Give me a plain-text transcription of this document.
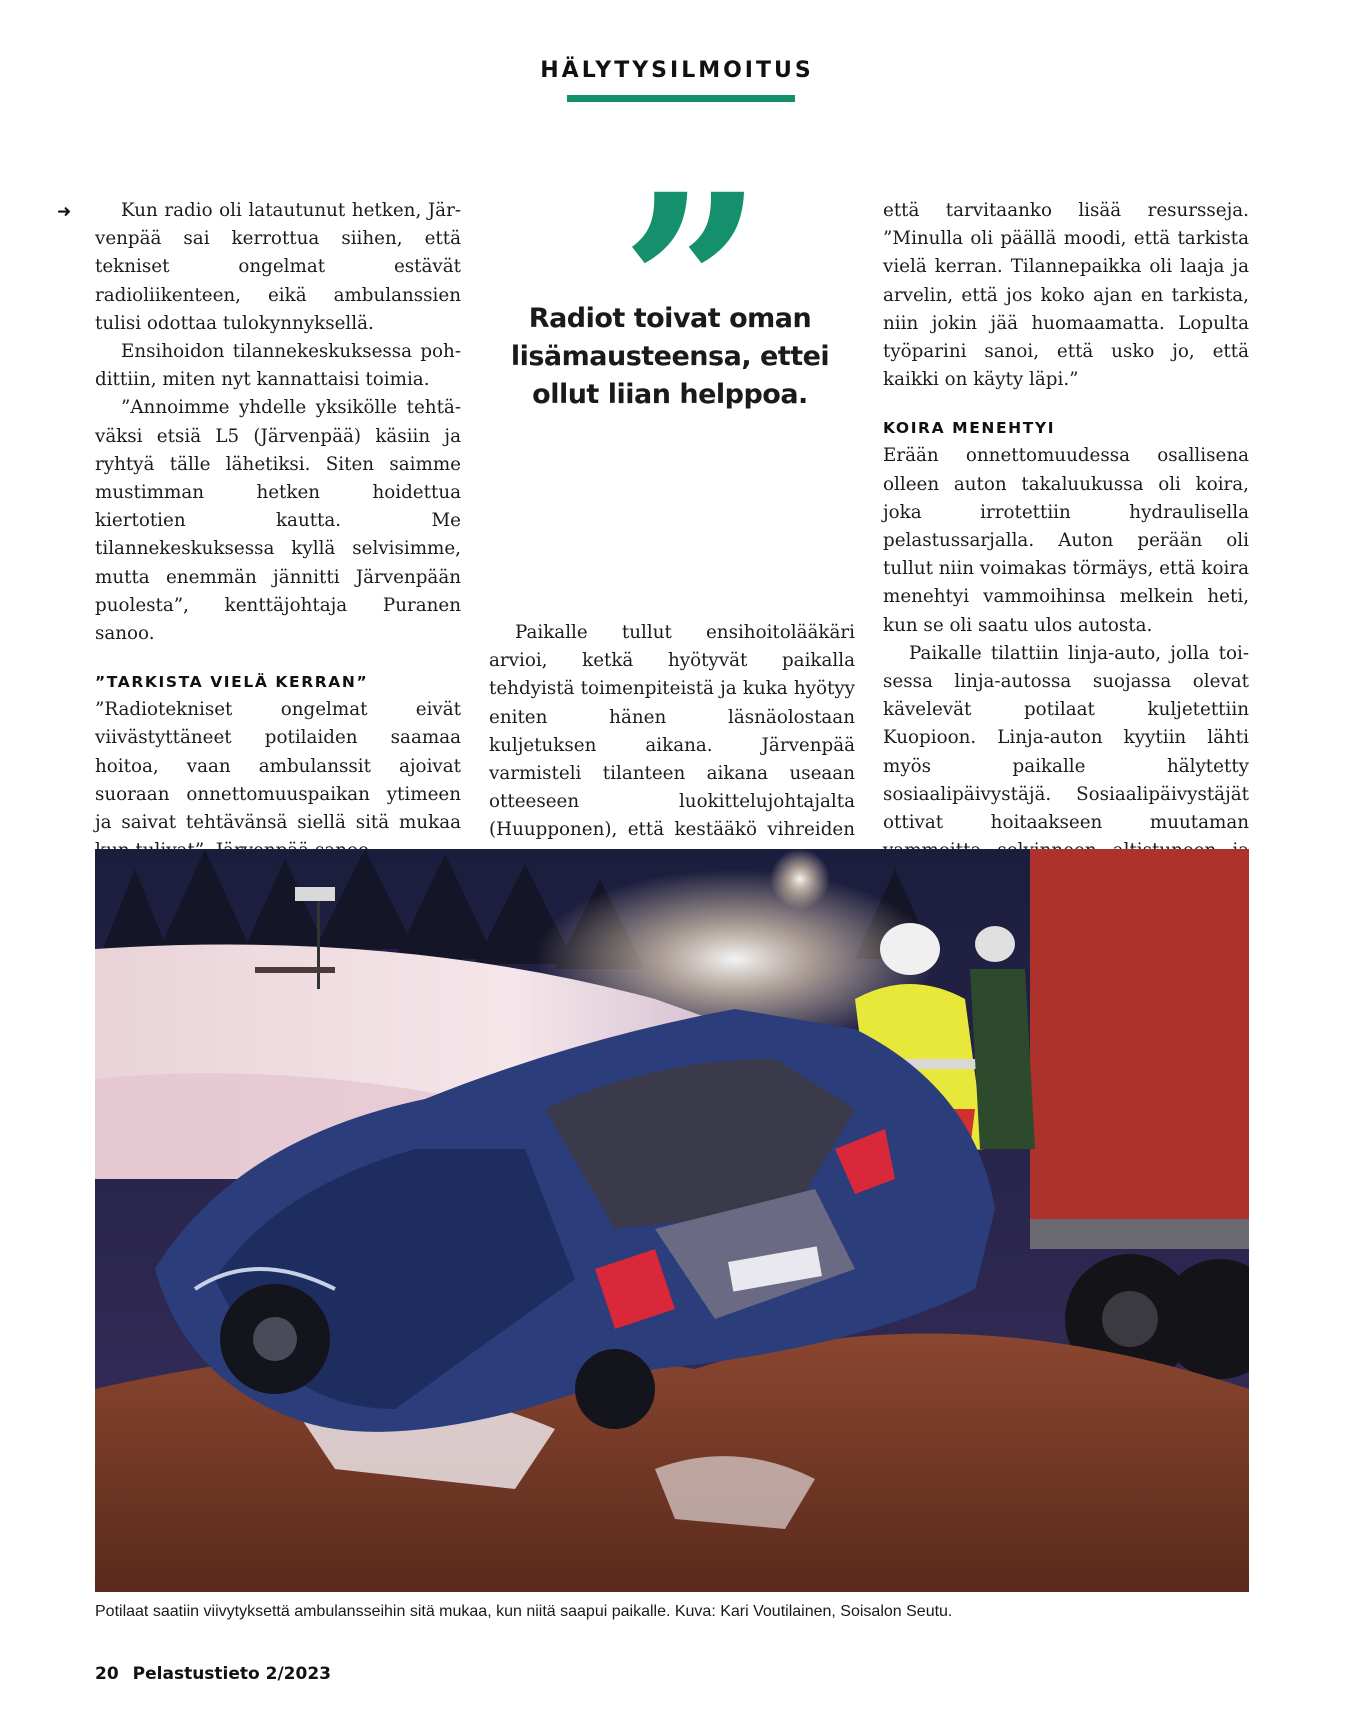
HÄLYTYSILMOITUS
➜	Kun radio oli latautunut hetken, Järvenpää sai kerrottua siihen, että tekniset ongelmat estävät radioliikenteen, eikä ambulanssien tulisi odottaa tulokynnyksellä.

Ensihoidon tilannekeskuksessa pohdittiin, miten nyt kannattaisi toimia.

”Annoimme yhdelle yksikölle tehtäväksi etsiä L5 (Järvenpää) käsiin ja ryhtyä tälle lähetiksi. Siten saimme mustimman hetken hoidettua kiertotien kautta. Me tilannekeskuksessa kyllä selvisimme, mutta enemmän jännitti Järvenpään puolesta”, kenttäjohtaja Puranen sanoo.

”TARKISTA VIELÄ KERRAN”

”Radiotekniset ongelmat eivät viivästyttäneet potilaiden saamaa hoitoa, vaan ambulanssit ajoivat suoraan onnettomuuspaikan ytimeen ja saivat tehtävänsä siellä sitä mukaa

Radiot toivat oman lisämausteensa, ettei ollut liian helppoa.

Paikalle tullut ensihoitolääkäri arvioi, ketkä hyötyvät paikalla tehdyistä toimenpiteistä ja kuka hyötyy eniten hänen läsnäolostaan kuljetuksen aikana. Järvenpää varmisteli tilanteen aikana useaan otteeseen luokittelujohtajalta (Huupponen), että kestääkö vihreiden

että tarvitaanko lisää resursseja. ”Minulla oli päällä moodi, että tarkista vielä kerran. Tilannepaikka oli laaja ja arvelin, että jos koko ajan en tarkista, niin jokin jää huomaamatta. Lopulta työparini sanoi, että usko jo, että kaikki on käyty läpi.”

KOIRA MENEHTYI

Erään onnettomuudessa osallisena olleen auton takaluukussa oli koira, joka irrotettiin hydraulisella pelastussarjalla. Auton perään oli tullut niin voimakas törmäys, että koira menehtyi vammoihinsa melkein heti, kun se oli saatu ulos autosta.

Paikalle tilattiin linja-auto, jolla toisessa linja-autossa suojassa olevat kävelevät potilaat kuljetettiin Kuopioon. Linja-auton kyytiin lähti myös paikalle hälytetty sosiaalipäivystäjä. Sosiaalipäivystäjät ottivat hoitaakseen muutaman

Potilaat saatiin viivytyksettä ambulansseihin sitä mukaa, kun niitä saapui paikalle. Kuva: Kari Voutilainen, Soisalon Seutu.
20 Pelastustieto 2/2023
